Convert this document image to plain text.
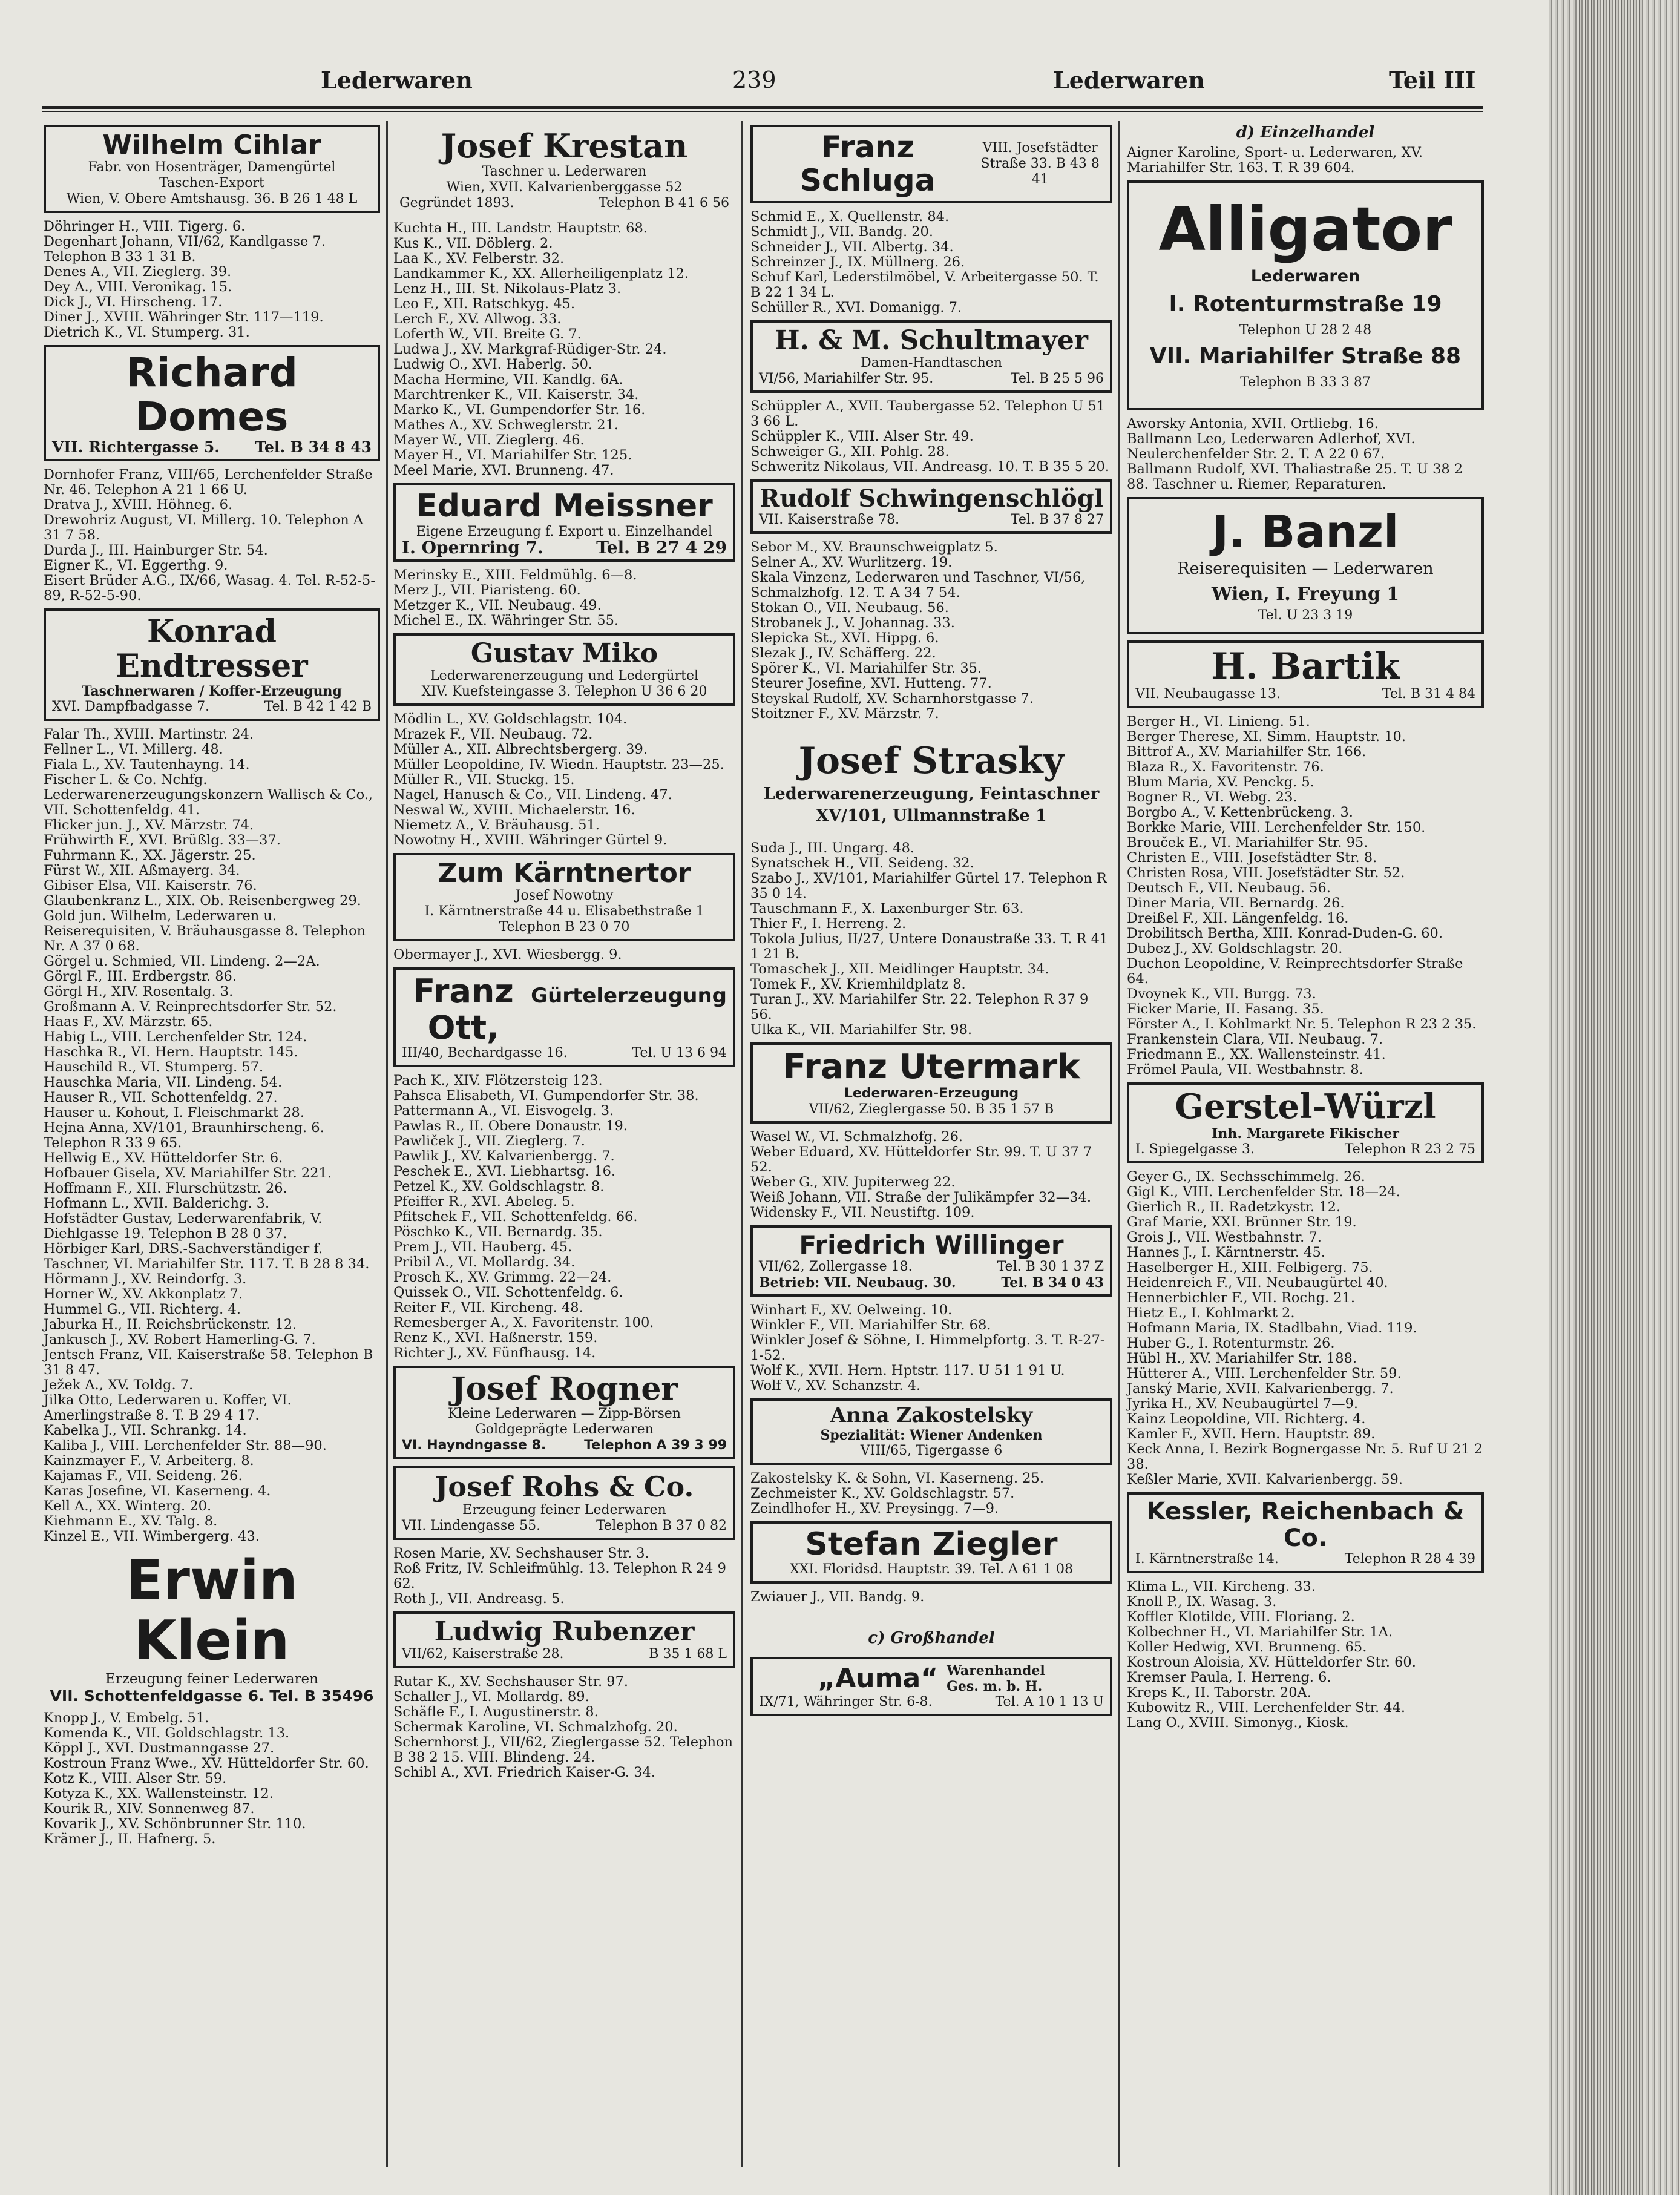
Lederwaren	239	Lederwaren	Teil III
Wilhelm Cihlar
Fabr. von Hosenträger, Damengürtel
Taschen-Export
Wien, V. Obere Amtshausg. 36. B 26 1 48 L

Döhringer H., VIII. Tigerg. 6.

Degenhart Johann, VII/62, Kandlgasse 7. Telephon B 33 1 31 B.

Denes A., VII. Zieglerg. 39.

Dey A., VIII. Veronikag. 15.

Dick J., VI. Hirscheng. 17.

Diner J., XVIII. Währinger Str. 117—119.

Dietrich K., VI. Stumperg. 31.

Richard Domes
VII. Richtergasse 5. Tel. B 34 8 43

Dornhofer Franz, VIII/65, Lerchenfelder Straße Nr. 46. Telephon A 21 1 66 U.

Dratva J., XVIII. Höhneg. 6.

Drewohriz August, VI. Millerg. 10. Telephon A 31 7 58.

Durda J., III. Hainburger Str. 54.

Eigner K., VI. Eggerthg. 9.

Eisert Brüder A.G., IX/66, Wasag. 4. Tel. R-52-5-89, R-52-5-90.

Konrad Endtresser
Taschnerwaren / Koffer-Erzeugung
XVI. Dampfbadgasse 7.	Tel. B 42 1 42 B

Falar Th., XVIII. Martinstr. 24.

Fellner L., VI. Millerg. 48.

Fiala L., XV. Tautenhayng. 14.

Fischer L. & Co. Nchfg. Lederwarenerzeugungskonzern Wallisch & Co., VII. Schottenfeldg. 41.

Flicker jun. J., XV. Märzstr. 74.

Frühwirth F., XVI. Brüßlg. 33—37.

Fuhrmann K., XX. Jägerstr. 25.

Fürst W., XII. Aßmayerg. 34.

Gibiser Elsa, VII. Kaiserstr. 76.

Glaubenkranz L., XIX. Ob. Reisenbergweg 29.

Gold jun. Wilhelm, Lederwaren u. Reiserequisiten, V. Bräuhausgasse 8. Telephon Nr. A 37 0 68.

Görgel u. Schmied, VII. Lindeng. 2—2A.

Görgl F., III. Erdbergstr. 86.

Görgl H., XIV. Rosentalg. 3.

Großmann A. V. Reinprechtsdorfer Str. 52.

Haas F., XV. Märzstr. 65.

Habig L., VIII. Lerchenfelder Str. 124.

Haschka R., VI. Hern. Hauptstr. 145.

Hauschild R., VI. Stumperg. 57.

Hauschka Maria, VII. Lindeng. 54.

Hauser R., VII. Schottenfeldg. 27.

Hauser u. Kohout, I. Fleischmarkt 28.

Hejna Anna, XV/101, Braunhirscheng. 6. Telephon R 33 9 65.

Hellwig E., XV. Hütteldorfer Str. 6.

Hofbauer Gisela, XV. Mariahilfer Str. 221.

Hoffmann F., XII. Flurschützstr. 26.

Hofmann L., XVII. Balderichg. 3.

Hofstädter Gustav, Lederwarenfabrik, V. Diehlgasse 19. Telephon B 28 0 37.

Hörbiger Karl, DRS.-Sachverständiger f. Taschner, VI. Mariahilfer Str. 117. T. B 28 8 34.

Hörmann J., XV. Reindorfg. 3.

Horner W., XV. Akkonplatz 7.

Hummel G., VII. Richterg. 4.

Jaburka H., II. Reichsbrückenstr. 12.

Jankusch J., XV. Robert Hamerling-G. 7.

Jentsch Franz, VII. Kaiserstraße 58. Telephon B 31 8 47.

Ježek A., XV. Toldg. 7.

Jilka Otto, Lederwaren u. Koffer, VI. Amerlingstraße 8. T. B 29 4 17.

Kabelka J., VII. Schrankg. 14.

Kaliba J., VIII. Lerchenfelder Str. 88—90.

Kainzmayer F., V. Arbeiterg. 8.

Kajamas F., VII. Seideng. 26.

Karas Josefine, VI. Kaserneng. 4.

Kell A., XX. Winterg. 20.

Kiehmann E., XV. Talg. 8.

Kinzel E., VII. Wimbergerg. 43.

Erwin Klein
Erzeugung feiner Lederwaren
VII. Schottenfeldgasse 6. Tel. B 35496

Knopp J., V. Embelg. 51.

Komenda K., VII. Goldschlagstr. 13.

Köppl J., XVI. Dustmanngasse 27.

Kostroun Franz Wwe., XV. Hütteldorfer Str. 60.

Kotz K., VIII. Alser Str. 59.

Kotyza K., XX. Wallensteinstr. 12.

Kourik R., XIV. Sonnenweg 87.

Kovarik J., XV. Schönbrunner Str. 110.

Krämer J., II. Hafnerg. 5.

Josef Krestan
Taschner u. Lederwaren
Wien, XVII. Kalvarienberggasse 52
Gegründet 1893.	Telephon B 41 6 56

Kuchta H., III. Landstr. Hauptstr. 68.

Kus K., VII. Döblerg. 2.

Laa K., XV. Felberstr. 32.

Landkammer K., XX. Allerheiligenplatz 12.

Lenz H., III. St. Nikolaus-Platz 3.

Leo F., XII. Ratschkyg. 45.

Lerch F., XV. Allwog. 33.

Loferth W., VII. Breite G. 7.

Ludwa J., XV. Markgraf-Rüdiger-Str. 24.

Ludwig O., XVI. Haberlg. 50.

Macha Hermine, VII. Kandlg. 6A.

Marchtrenker K., VII. Kaiserstr. 34.

Marko K., VI. Gumpendorfer Str. 16.

Mathes A., XV. Schweglerstr. 21.

Mayer W., VII. Zieglerg. 46.

Mayer H., VI. Mariahilfer Str. 125.

Meel Marie, XVI. Brunneng. 47.

Eduard Meissner
Eigene Erzeugung f. Export u. Einzelhandel
I. Opernring 7.	Tel. B 27 4 29

Merinsky E., XIII. Feldmühlg. 6—8.

Merz J., VII. Piaristeng. 60.

Metzger K., VII. Neubaug. 49.

Michel E., IX. Währinger Str. 55.

Gustav Miko
Lederwarenerzeugung und Ledergürtel
XIV. Kuefsteingasse 3. Telephon U 36 6 20

Mödlin L., XV. Goldschlagstr. 104.

Mrazek F., VII. Neubaug. 72.

Müller A., XII. Albrechtsbergerg. 39.

Müller Leopoldine, IV. Wiedn. Hauptstr. 23—25.

Müller R., VII. Stuckg. 15.

Nagel, Hanusch & Co., VII. Lindeng. 47.

Neswal W., XVIII. Michaelerstr. 16.

Niemetz A., V. Bräuhausg. 51.

Nowotny H., XVIII. Währinger Gürtel 9.

Zum Kärntnertor
Josef Nowotny
I. Kärntnerstraße 44 u. Elisabethstraße 1
Telephon B 23 0 70

Obermayer J., XVI. Wiesbergg. 9.

Franz Ott,
Gürtelerzeugung
III/40, Bechardgasse 16.	Tel. U 13 6 94

Pach K., XIV. Flötzersteig 123.

Pahsca Elisabeth, VI. Gumpendorfer Str. 38.

Pattermann A., VI. Eisvogelg. 3.

Pawlas R., II. Obere Donaustr. 19.

Pawliček J., VII. Zieglerg. 7.

Pawlik J., XV. Kalvarienbergg. 7.

Peschek E., XVI. Liebhartsg. 16.

Petzel K., XV. Goldschlagstr. 8.

Pfeiffer R., XVI. Abeleg. 5.

Pfitschek F., VII. Schottenfeldg. 66.

Pöschko K., VII. Bernardg. 35.

Prem J., VII. Hauberg. 45.

Pribil A., VI. Mollardg. 34.

Prosch K., XV. Grimmg. 22—24.

Quissek O., VII. Schottenfeldg. 6.

Reiter F., VII. Kircheng. 48.

Remesberger A., X. Favoritenstr. 100.

Renz K., XVI. Haßnerstr. 159.

Richter J., XV. Fünfhausg. 14.

Josef Rogner
Kleine Lederwaren — Zipp-Börsen
Goldgeprägte Lederwaren
VI. Hayndngasse 8.	Telephon A 39 3 99
Josef Rohs & Co.
Erzeugung feiner Lederwaren
VII. Lindengasse 55.	Telephon B 37 0 82

Rosen Marie, XV. Sechshauser Str. 3.

Roß Fritz, IV. Schleifmühlg. 13. Telephon R 24 9 62.

Roth J., VII. Andreasg. 5.

Ludwig Rubenzer
VII/62, Kaiserstraße 28.	B 35 1 68 L

Rutar K., XV. Sechshauser Str. 97.

Schaller J., VI. Mollardg. 89.

Schäfle F., I. Augustinerstr. 8.

Schermak Karoline, VI. Schmalzhofg. 20.

Schernhorst J., VII/62, Zieglergasse 52. Telephon B 38 2 15. VIII. Blindeng. 24.

Schibl A., XVI. Friedrich Kaiser-G. 34.

Franz Schluga
VIII. Josefstädter
Straße 33. B 43 8 41

Schmid E., X. Quellenstr. 84.

Schmidt J., VII. Bandg. 20.

Schneider J., VII. Albertg. 34.

Schreinzer J., IX. Müllnerg. 26.

Schuf Karl, Lederstilmöbel, V. Arbeitergasse 50. T. B 22 1 34 L.

Schüller R., XVI. Domanigg. 7.

H. & M. Schultmayer
Damen-Handtaschen
VI/56, Mariahilfer Str. 95.	Tel. B 25 5 96

Schüppler A., XVII. Taubergasse 52. Telephon U 51 3 66 L.

Schüppler K., VIII. Alser Str. 49.

Schweiger G., XII. Pohlg. 28.

Schweritz Nikolaus, VII. Andreasg. 10. T. B 35 5 20.

Rudolf Schwingenschlögl
VII. Kaiserstraße 78.	Tel. B 37 8 27

Sebor M., XV. Braunschweigplatz 5.

Selner A., XV. Wurlitzerg. 19.

Skala Vinzenz, Lederwaren und Taschner, VI/56, Schmalzhofg. 12. T. A 34 7 54.

Stokan O., VII. Neubaug. 56.

Strobanek J., V. Johannag. 33.

Slepicka St., XVI. Hippg. 6.

Slezak J., IV. Schäfferg. 22.

Spörer K., VI. Mariahilfer Str. 35.

Steurer Josefine, XVI. Hutteng. 77.

Steyskal Rudolf, XV. Scharnhorstgasse 7.

Stoitzner F., XV. Märzstr. 7.

Josef Strasky
Lederwarenerzeugung, Feintaschner
XV/101, Ullmannstraße 1

Suda J., III. Ungarg. 48.

Synatschek H., VII. Seideng. 32.

Szabo J., XV/101, Mariahilfer Gürtel 17. Telephon R 35 0 14.

Tauschmann F., X. Laxenburger Str. 63.

Thier F., I. Herreng. 2.

Tokola Julius, II/27, Untere Donaustraße 33. T. R 41 1 21 B.

Tomaschek J., XII. Meidlinger Hauptstr. 34.

Tomek F., XV. Kriemhildplatz 8.

Turan J., XV. Mariahilfer Str. 22. Telephon R 37 9 56.

Ulka K., VII. Mariahilfer Str. 98.

Franz Utermark
Lederwaren-Erzeugung
VII/62, Zieglergasse 50. B 35 1 57 B

Wasel W., VI. Schmalzhofg. 26.

Weber Eduard, XV. Hütteldorfer Str. 99. T. U 37 7 52.

Weber G., XIV. Jupiterweg 22.

Weiß Johann, VII. Straße der Julikämpfer 32—34.

Widensky F., VII. Neustiftg. 109.

Friedrich Willinger
VII/62, Zollergasse 18.	Tel. B 30 1 37 Z
Betrieb: VII. Neubaug. 30.	Tel. B 34 0 43

Winhart F., XV. Oelweing. 10.

Winkler F., VII. Mariahilfer Str. 68.

Winkler Josef & Söhne, I. Himmelpfortg. 3. T. R-27-1-52.

Wolf K., XVII. Hern. Hptstr. 117. U 51 1 91 U.

Wolf V., XV. Schanzstr. 4.

Anna Zakostelsky
Spezialität: Wiener Andenken
VIII/65, Tigergasse 6

Zakostelsky K. & Sohn, VI. Kaserneng. 25.

Zechmeister K., XV. Goldschlagstr. 57.

Zeindlhofer H., XV. Preysingg. 7—9.

Stefan Ziegler
XXI. Floridsd. Hauptstr. 39. Tel. A 61 1 08

Zwiauer J., VII. Bandg. 9.

c) Großhandel
„Auma“ Warenhandel
Ges. m. b. H.
IX/71, Währinger Str. 6-8.	Tel. A 10 1 13 U
d) Einzelhandel

Aigner Karoline, Sport- u. Lederwaren, XV. Mariahilfer Str. 163. T. R 39 604.

Alligator
Lederwaren
I. Rotenturmstraße 19
Telephon U 28 2 48
VII. Mariahilfer Straße 88
Telephon B 33 3 87

Aworsky Antonia, XVII. Ortliebg. 16.

Ballmann Leo, Lederwaren Adlerhof, XVI. Neulerchenfelder Str. 2. T. A 22 0 67.

Ballmann Rudolf, XVI. Thaliastraße 25. T. U 38 2 88. Taschner u. Riemer, Reparaturen.

J. Banzl
Reiserequisiten — Lederwaren
Wien, I. Freyung 1
Tel. U 23 3 19
H. Bartik
VII. Neubaugasse 13.	Tel. B 31 4 84

Berger H., VI. Linieng. 51.

Berger Therese, XI. Simm. Hauptstr. 10.

Bittrof A., XV. Mariahilfer Str. 166.

Blaza R., X. Favoritenstr. 76.

Blum Maria, XV. Penckg. 5.

Bogner R., VI. Webg. 23.

Borgbo A., V. Kettenbrückeng. 3.

Borkke Marie, VIII. Lerchenfelder Str. 150.

Brouček E., VI. Mariahilfer Str. 95.

Christen E., VIII. Josefstädter Str. 8.

Christen Rosa, VIII. Josefstädter Str. 52.

Deutsch F., VII. Neubaug. 56.

Diner Maria, VII. Bernardg. 26.

Dreißel F., XII. Längenfeldg. 16.

Drobilitsch Bertha, XIII. Konrad-Duden-G. 60.

Dubez J., XV. Goldschlagstr. 20.

Duchon Leopoldine, V. Reinprechtsdorfer Straße 64.

Dvoynek K., VII. Burgg. 73.

Ficker Marie, II. Fasang. 35.

Förster A., I. Kohlmarkt Nr. 5. Telephon R 23 2 35.

Frankenstein Clara, VII. Neubaug. 7.

Friedmann E., XX. Wallensteinstr. 41.

Frömel Paula, VII. Westbahnstr. 8.

Gerstel-Würzl
Inh. Margarete Fikischer
I. Spiegelgasse 3.	Telephon R 23 2 75

Geyer G., IX. Sechsschimmelg. 26.

Gigl K., VIII. Lerchenfelder Str. 18—24.

Gierlich R., II. Radetzkystr. 12.

Graf Marie, XXI. Brünner Str. 19.

Grois J., VII. Westbahnstr. 7.

Hannes J., I. Kärntnerstr. 45.

Haselberger H., XIII. Felbigerg. 75.

Heidenreich F., VII. Neubaugürtel 40.

Hennerbichler F., VII. Rochg. 21.

Hietz E., I. Kohlmarkt 2.

Hofmann Maria, IX. Stadlbahn, Viad. 119.

Huber G., I. Rotenturmstr. 26.

Hübl H., XV. Mariahilfer Str. 188.

Hütterer A., VIII. Lerchenfelder Str. 59.

Janský Marie, XVII. Kalvarienbergg. 7.

Jyrika H., XV. Neubaugürtel 7—9.

Kainz Leopoldine, VII. Richterg. 4.

Kamler F., XVII. Hern. Hauptstr. 89.

Keck Anna, I. Bezirk Bognergasse Nr. 5. Ruf U 21 2 38.

Keßler Marie, XVII. Kalvarienbergg. 59.

Kessler, Reichenbach & Co.
I. Kärntnerstraße 14.	Telephon R 28 4 39

Klima L., VII. Kircheng. 33.

Knoll P., IX. Wasag. 3.

Koffler Klotilde, VIII. Floriang. 2.

Kolbechner H., VI. Mariahilfer Str. 1A.

Koller Hedwig, XVI. Brunneng. 65.

Kostroun Aloisia, XV. Hütteldorfer Str. 60.

Kremser Paula, I. Herreng. 6.

Kreps K., II. Taborstr. 20A.

Kubowitz R., VIII. Lerchenfelder Str. 44.

Lang O., XVIII. Simonyg., Kiosk.
